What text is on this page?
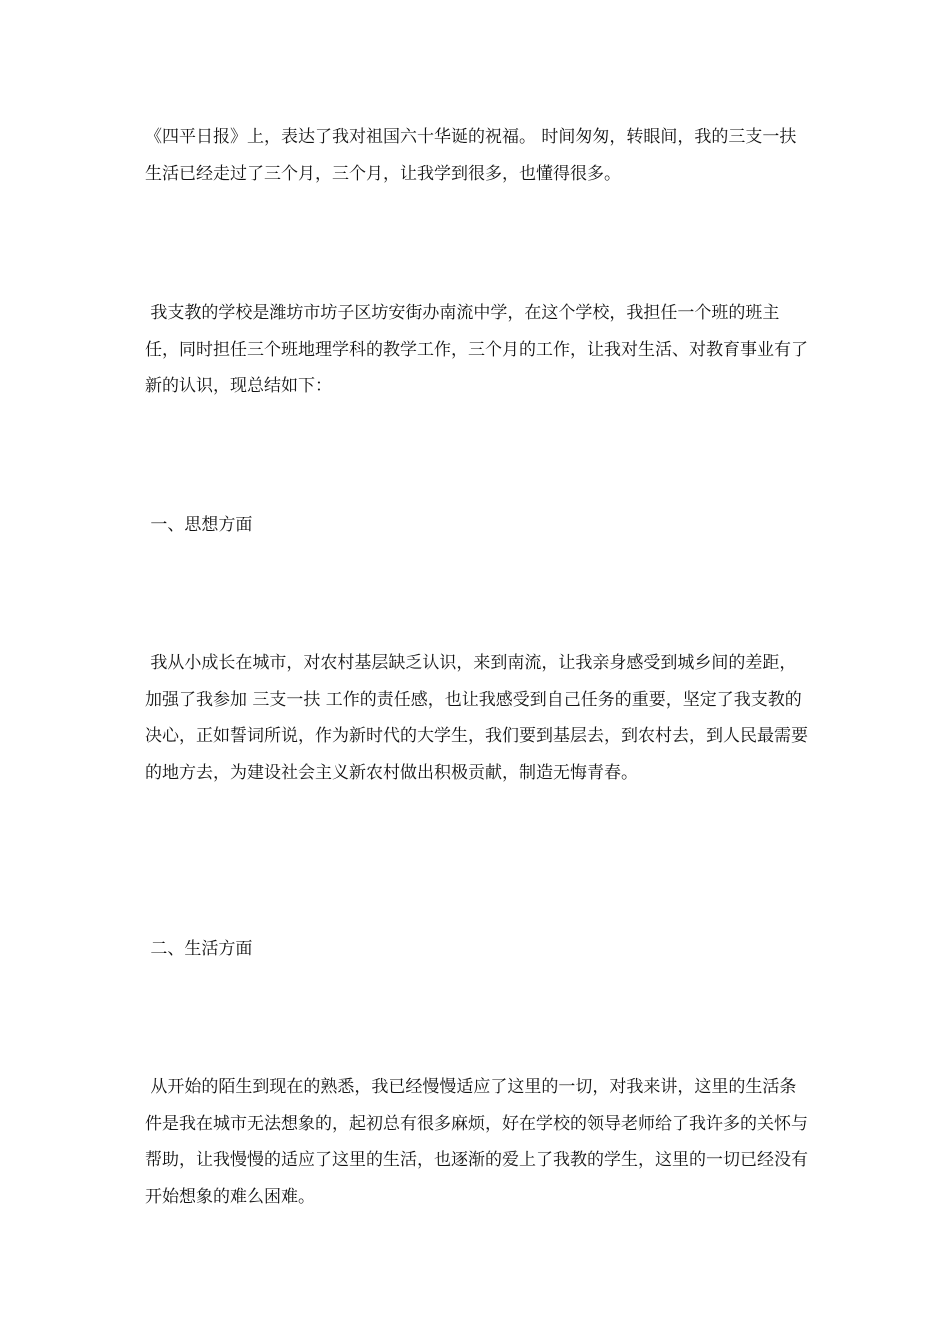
《四平日报》上，表达了我对祖国六十华诞的祝福。 时间匆匆，转眼间，我的三支一扶 生活已经走过了三个月，三个月，让我学到很多，也懂得很多。

我支教的学校是潍坊市坊子区坊安街办南流中学，在这个学校，我担任一个班的班主任，同时担任三个班地理学科的教学工作，三个月的工作，让我对生活、对教育事业有了新的认识，现总结如下：

一、思想方面

我从小成长在城市，对农村基层缺乏认识，来到南流，让我亲身感受到城乡间的差距，加强了我参加 三支一扶 工作的责任感，也让我感受到自己任务的重要，坚定了我支教的决心，正如誓词所说，作为新时代的大学生，我们要到基层去，到农村去，到人民最需要的地方去，为建设社会主义新农村做出积极贡献，制造无悔青春。

二、生活方面

从开始的陌生到现在的熟悉，我已经慢慢适应了这里的一切，对我来讲，这里的生活条件是我在城市无法想象的，起初总有很多麻烦，好在学校的领导老师给了我许多的关怀与帮助，让我慢慢的适应了这里的生活，也逐渐的爱上了我教的学生，这里的一切已经没有开始想象的难么困难。
